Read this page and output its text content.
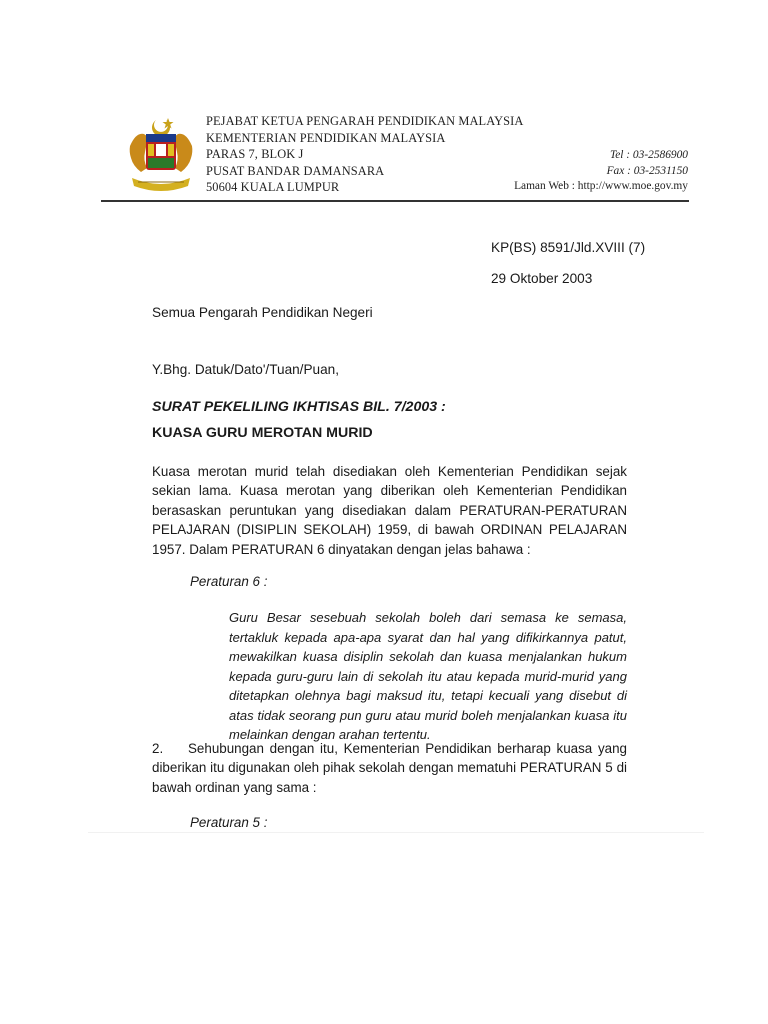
PEJABAT KETUA PENGARAH PENDIDIKAN MALAYSIA
KEMENTERIAN PENDIDIKAN MALAYSIA
PARAS 7, BLOK J
PUSAT BANDAR DAMANSARA
50604 KUALA LUMPUR
Tel : 03-2586900
Fax : 03-2531150
Laman Web : http://www.moe.gov.my
KP(BS) 8591/Jld.XVIII (7)
29 Oktober 2003
Semua Pengarah Pendidikan Negeri
Y.Bhg. Datuk/Dato'/Tuan/Puan,
SURAT PEKELILING IKHTISAS BIL. 7/2003 :
KUASA GURU MEROTAN MURID
Kuasa merotan murid telah disediakan oleh Kementerian Pendidikan sejak sekian lama. Kuasa merotan yang diberikan oleh Kementerian Pendidikan berasaskan peruntukan yang disediakan dalam PERATURAN-PERATURAN PELAJARAN (DISIPLIN SEKOLAH) 1959, di bawah ORDINAN PELAJARAN 1957. Dalam PERATURAN 6 dinyatakan dengan jelas bahawa :
Peraturan 6 :
Guru Besar sesebuah sekolah boleh dari semasa ke semasa, tertakluk kepada apa-apa syarat dan hal yang difikirkannya patut, mewakilkan kuasa disiplin sekolah dan kuasa menjalankan hukum kepada guru-guru lain di sekolah itu atau kepada murid-murid yang ditetapkan olehnya bagi maksud itu, tetapi kecuali yang disebut di atas tidak seorang pun guru atau murid boleh menjalankan kuasa itu melainkan dengan arahan tertentu.
2. Sehubungan dengan itu, Kementerian Pendidikan berharap kuasa yang diberikan itu digunakan oleh pihak sekolah dengan mematuhi PERATURAN 5 di bawah ordinan yang sama :
Peraturan 5 :
